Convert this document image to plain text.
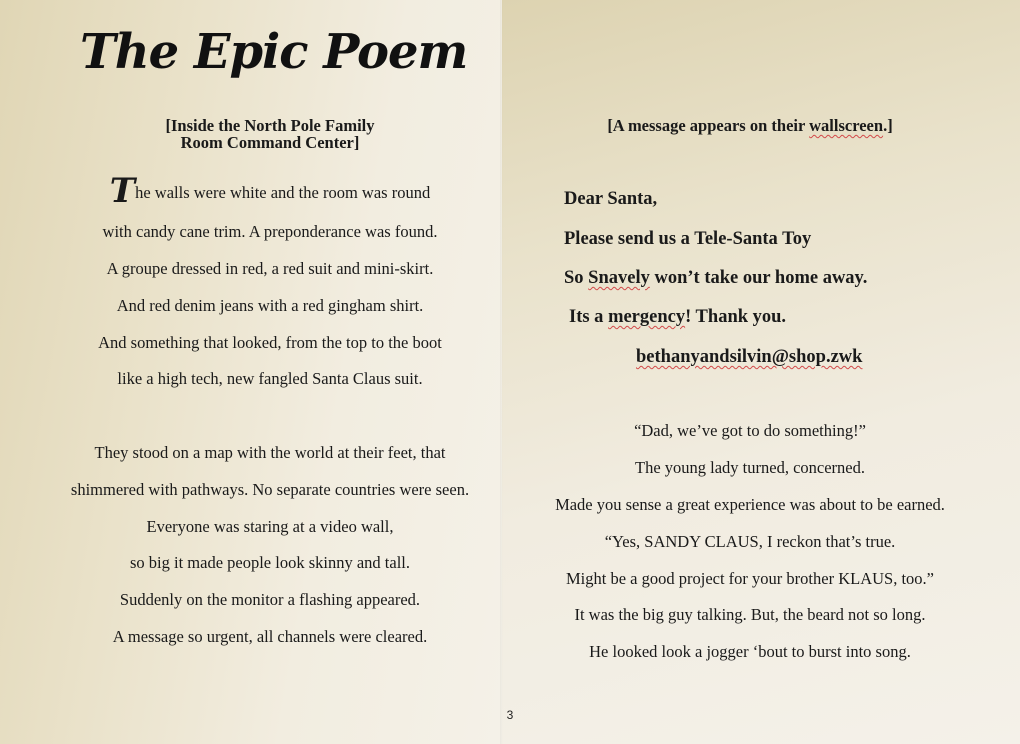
The Epic Poem
[Inside the North Pole Family
Room Command Center]
The walls were white and the room was round
with candy cane trim. A preponderance was found.
A groupe dressed in red, a red suit and mini-skirt.
And red denim jeans with a red gingham shirt.
And something that looked, from the top to the boot
like a high tech, new fangled Santa Claus suit.
They stood on a map with the world at their feet, that
shimmered with pathways. No separate countries were seen.
Everyone was staring at a video wall,
so big it made people look skinny and tall.
Suddenly on the monitor a flashing appeared.
A message so urgent, all channels were cleared.
[A message appears on their wallscreen.]
Dear Santa,
Please send us a Tele-Santa Toy
So Snavely won’t take our home away.
Its a mergency! Thank you.
bethanyandsilvin@shop.zwk
“Dad, we’ve got to do something!”
The young lady turned, concerned.
Made you sense a great experience was about to be earned.
“Yes, SANDY CLAUS, I reckon that’s true.
Might be a good project for your brother KLAUS, too.”
It was the big guy talking. But, the beard not so long.
He looked look a jogger ‘bout to burst into song.
3
